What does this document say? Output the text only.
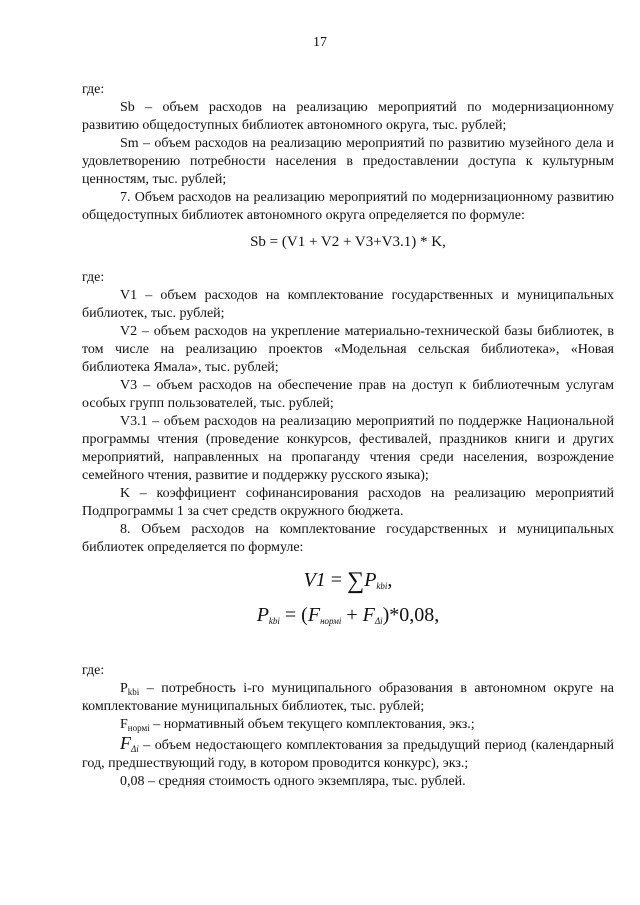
17

где:

Sb – объем расходов на реализацию мероприятий по модернизационному развитию общедоступных библиотек автономного округа, тыс. рублей;

Sm – объем расходов на реализацию мероприятий по развитию музейного дела и удовлетворению потребности населения в предоставлении доступа к культурным ценностям, тыс. рублей;

7. Объем расходов на реализацию мероприятий по модернизационному развитию общедоступных библиотек автономного округа определяется по формуле:

Sb = (V1 + V2 + V3+V3.1) * K,

где:

V1 – объем расходов на комплектование государственных и муниципальных библиотек, тыс. рублей;

V2 – объем расходов на укрепление материально-технической базы библиотек, в том числе на реализацию проектов «Модельная сельская библиотека», «Новая библиотека Ямала», тыс. рублей;

V3 – объем расходов на обеспечение прав на доступ к библиотечным услугам особых групп пользователей, тыс. рублей;

V3.1 – объем расходов на реализацию мероприятий по поддержке Национальной программы чтения (проведение конкурсов, фестивалей, праздников книги и других мероприятий, направленных на пропаганду чтения среди населения, возрождение семейного чтения, развитие и поддержку русского языка);

K – коэффициент софинансирования расходов на реализацию мероприятий Подпрограммы 1 за счет средств окружного бюджета.

8. Объем расходов на комплектование государственных и муниципальных библиотек определяется по формуле:

$V1 = \sum P_{kbi}$,
$P_{kbi} = (F_{нормi} + F_{\Delta i})*0,08$,

где:

$P_{kbi}$ – потребность i-го муниципального образования в автономном округе на комплектование муниципальных библиотек, тыс. рублей;

$F_{нормi}$ – нормативный объем текущего комплектования, экз.;

$F_{\Delta i}$ – объем недостающего комплектования за предыдущий период (календарный год, предшествующий году, в котором проводится конкурс), экз.;

0,08 – средняя стоимость одного экземпляра, тыс. рублей.
